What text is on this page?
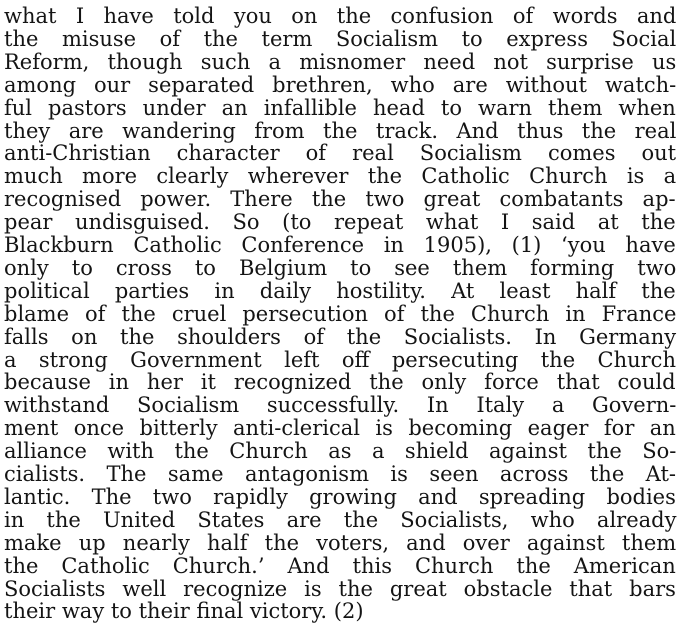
what I have told you on the confusion of words and
the misuse of the term Socialism to express Social
Reform, though such a misnomer need not surprise us
among our separated brethren, who are without watch-
ful pastors under an infallible head to warn them when
they are wandering from the track. And thus the real
anti-Christian character of real Socialism comes out
much more clearly wherever the Catholic Church is a
recognised power. There the two great combatants ap-
pear undisguised. So (to repeat what I said at the
Blackburn Catholic Conference in 1905), (1) ‘you have
only to cross to Belgium to see them forming two
political parties in daily hostility. At least half the
blame of the cruel persecution of the Church in France
falls on the shoulders of the Socialists. In Germany
a strong Government left off persecuting the Church
because in her it recognized the only force that could
withstand Socialism successfully. In Italy a Govern-
ment once bitterly anti-clerical is becoming eager for an
alliance with the Church as a shield against the So-
cialists. The same antagonism is seen across the At-
lantic. The two rapidly growing and spreading bodies
in the United States are the Socialists, who already
make up nearly half the voters, and over against them
the Catholic Church.’ And this Church the American
Socialists well recognize is the great obstacle that bars
their way to their final victory. (2)
